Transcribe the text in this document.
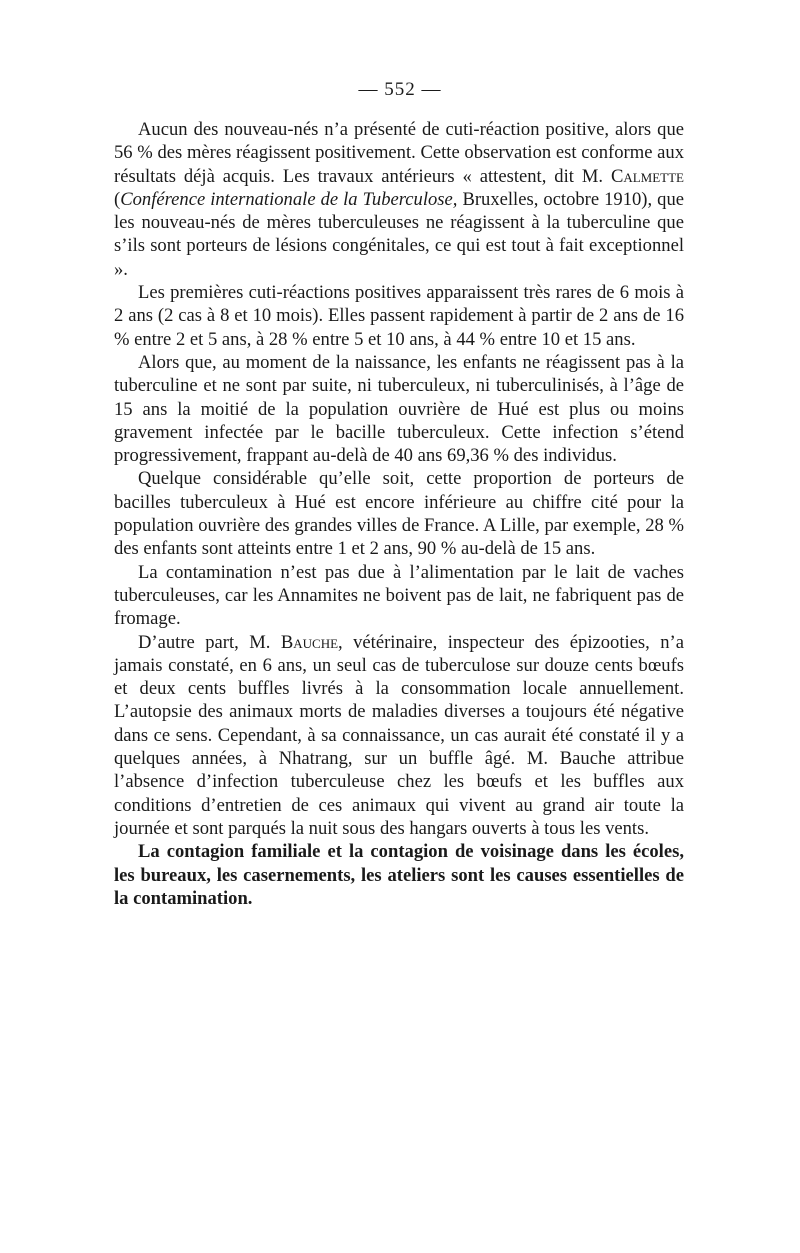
— 552 —

Aucun des nouveau-nés n’a présenté de cuti-réaction positive, alors que 56 % des mères réagissent positivement. Cette observation est conforme aux résultats déjà acquis. Les travaux antérieurs « attestent, dit M. Calmette (Conférence internationale de la Tuberculose, Bruxelles, octobre 1910), que les nouveau-nés de mères tuberculeuses ne réagissent à la tuberculine que s’ils sont porteurs de lésions congénitales, ce qui est tout à fait exceptionnel ».

Les premières cuti-réactions positives apparaissent très rares de 6 mois à 2 ans (2 cas à 8 et 10 mois). Elles passent rapidement à partir de 2 ans de 16 % entre 2 et 5 ans, à 28 % entre 5 et 10 ans, à 44 % entre 10 et 15 ans.

Alors que, au moment de la naissance, les enfants ne réagissent pas à la tuberculine et ne sont par suite, ni tuberculeux, ni tuberculinisés, à l’âge de 15 ans la moitié de la population ouvrière de Hué est plus ou moins gravement infectée par le bacille tuberculeux. Cette infection s’étend progressivement, frappant au-delà de 40 ans 69,36 % des individus.

Quelque considérable qu’elle soit, cette proportion de porteurs de bacilles tuberculeux à Hué est encore inférieure au chiffre cité pour la population ouvrière des grandes villes de France. A Lille, par exemple, 28 % des enfants sont atteints entre 1 et 2 ans, 90 % au-delà de 15 ans.

La contamination n’est pas due à l’alimentation par le lait de vaches tuberculeuses, car les Annamites ne boivent pas de lait, ne fabriquent pas de fromage.

D’autre part, M. Bauche, vétérinaire, inspecteur des épizooties, n’a jamais constaté, en 6 ans, un seul cas de tuberculose sur douze cents bœufs et deux cents buffles livrés à la consommation locale annuellement. L’autopsie des animaux morts de maladies diverses a toujours été négative dans ce sens. Cependant, à sa connaissance, un cas aurait été constaté il y a quelques années, à Nhatrang, sur un buffle âgé. M. Bauche attribue l’absence d’infection tuberculeuse chez les bœufs et les buffles aux conditions d’entretien de ces animaux qui vivent au grand air toute la journée et sont parqués la nuit sous des hangars ouverts à tous les vents.

La contagion familiale et la contagion de voisinage dans les écoles, les bureaux, les casernements, les ateliers sont les causes essentielles de la contamination.
